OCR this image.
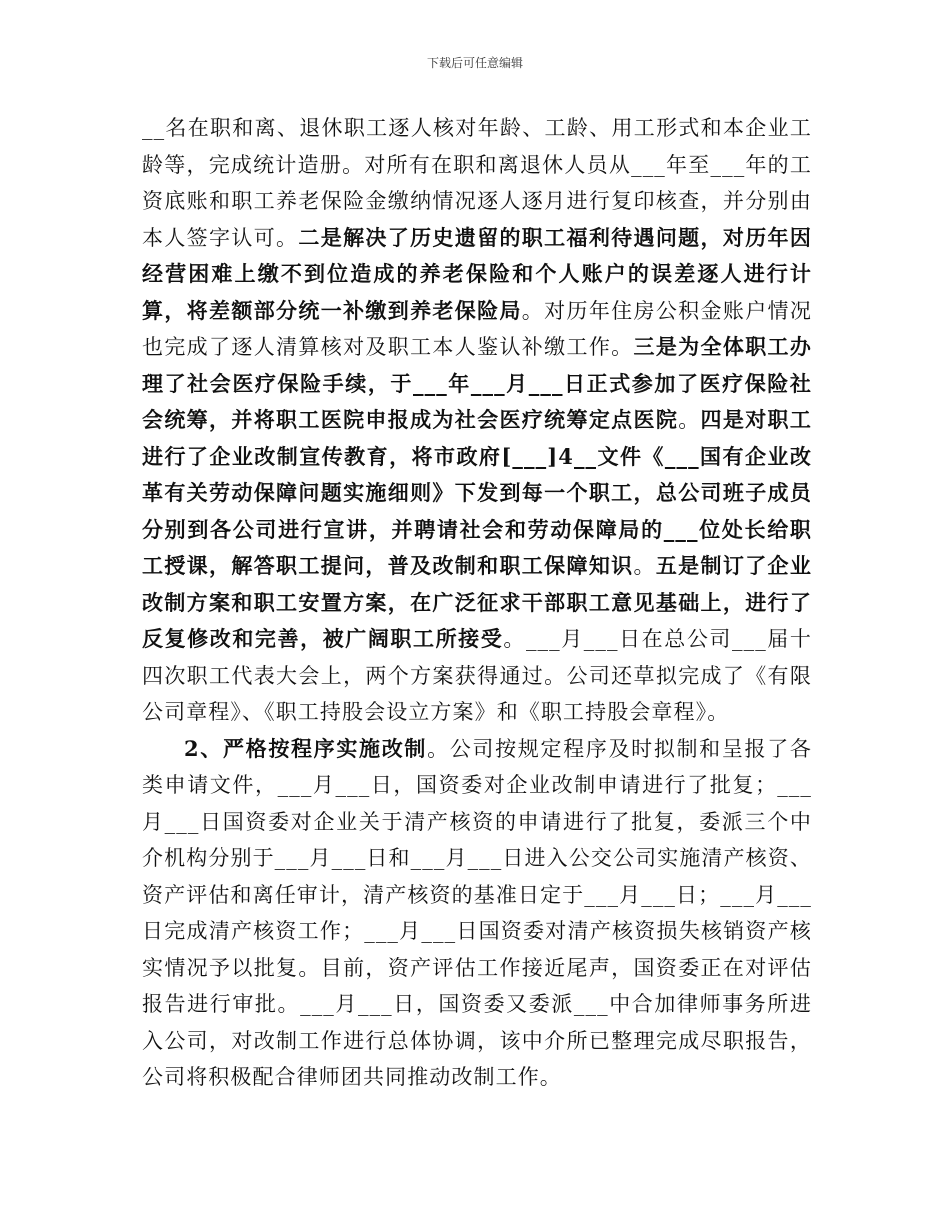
下载后可任意编辑

__名在职和离、退休职工逐人核对年龄、工龄、用工形式和本企业工龄等，完成统计造册。对所有在职和离退休人员从___年至___年的工资底账和职工养老保险金缴纳情况逐人逐月进行复印核查，并分别由本人签字认可。二是解决了历史遗留的职工福利待遇问题，对历年因经营困难上缴不到位造成的养老保险和个人账户的误差逐人进行计算，将差额部分统一补缴到养老保险局。对历年住房公积金账户情况也完成了逐人清算核对及职工本人鉴认补缴工作。三是为全体职工办理了社会医疗保险手续，于___年___月___日正式参加了医疗保险社会统筹，并将职工医院申报成为社会医疗统筹定点医院。四是对职工进行了企业改制宣传教育，将市政府[___]4__文件《___国有企业改革有关劳动保障问题实施细则》下发到每一个职工，总公司班子成员分别到各公司进行宣讲，并聘请社会和劳动保障局的___位处长给职工授课，解答职工提问，普及改制和职工保障知识。五是制订了企业改制方案和职工安置方案，在广泛征求干部职工意见基础上，进行了反复修改和完善，被广阔职工所接受。___月___日在总公司___届十四次职工代表大会上，两个方案获得通过。公司还草拟完成了《有限公司章程》、《职工持股会设立方案》和《职工持股会章程》。

2、严格按程序实施改制。公司按规定程序及时拟制和呈报了各类申请文件，___月___日，国资委对企业改制申请进行了批复；___月___日国资委对企业关于清产核资的申请进行了批复，委派三个中介机构分别于___月___日和___月___日进入公交公司实施清产核资、资产评估和离任审计，清产核资的基准日定于___月___日；___月___日完成清产核资工作；___月___日国资委对清产核资损失核销资产核实情况予以批复。目前，资产评估工作接近尾声，国资委正在对评估报告进行审批。___月___日，国资委又委派___中合加律师事务所进入公司，对改制工作进行总体协调，该中介所已整理完成尽职报告，公司将积极配合律师团共同推动改制工作。
